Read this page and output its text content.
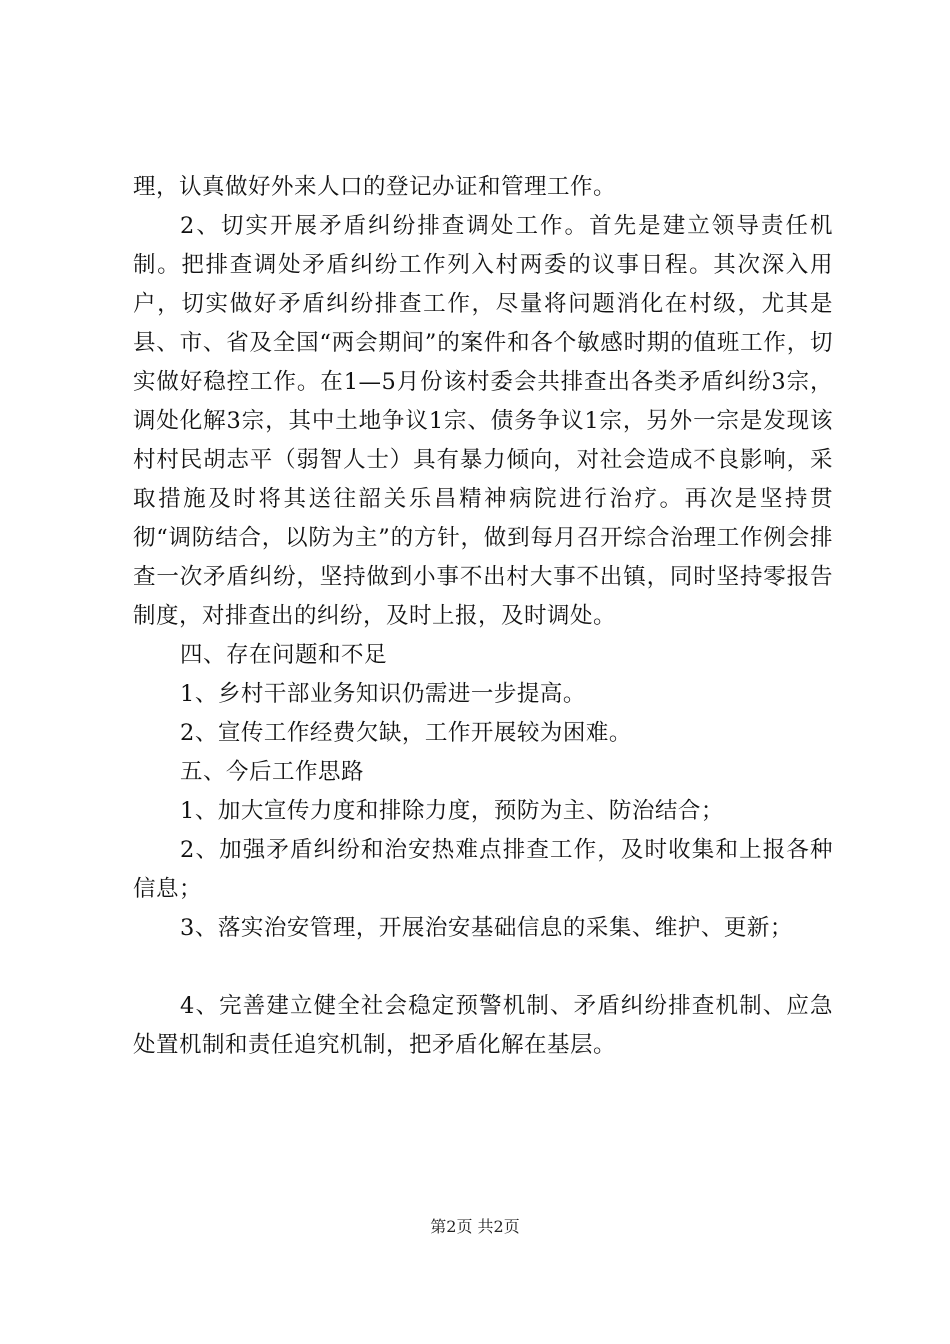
理，认真做好外来人口的登记办证和管理工作。

2、切实开展矛盾纠纷排查调处工作。首先是建立领导责任机制。把排查调处矛盾纠纷工作列入村两委的议事日程。其次深入用户，切实做好矛盾纠纷排查工作，尽量将问题消化在村级，尤其是县、市、省及全国“两会期间”的案件和各个敏感时期的值班工作，切实做好稳控工作。在1—5月份该村委会共排查出各类矛盾纠纷3宗，调处化解3宗，其中土地争议1宗、债务争议1宗，另外一宗是发现该村村民胡志平（弱智人士）具有暴力倾向，对社会造成不良影响，采取措施及时将其送往韶关乐昌精神病院进行治疗。再次是坚持贯彻“调防结合，以防为主”的方针，做到每月召开综合治理工作例会排查一次矛盾纠纷，坚持做到小事不出村大事不出镇，同时坚持零报告制度，对排查出的纠纷，及时上报，及时调处。

四、存在问题和不足

1、乡村干部业务知识仍需进一步提高。

2、宣传工作经费欠缺，工作开展较为困难。

五、今后工作思路

1、加大宣传力度和排除力度，预防为主、防治结合；

2、加强矛盾纠纷和治安热难点排查工作，及时收集和上报各种信息；

3、落实治安管理，开展治安基础信息的采集、维护、更新；

4、完善建立健全社会稳定预警机制、矛盾纠纷排查机制、应急处置机制和责任追究机制，把矛盾化解在基层。

第2页 共2页
